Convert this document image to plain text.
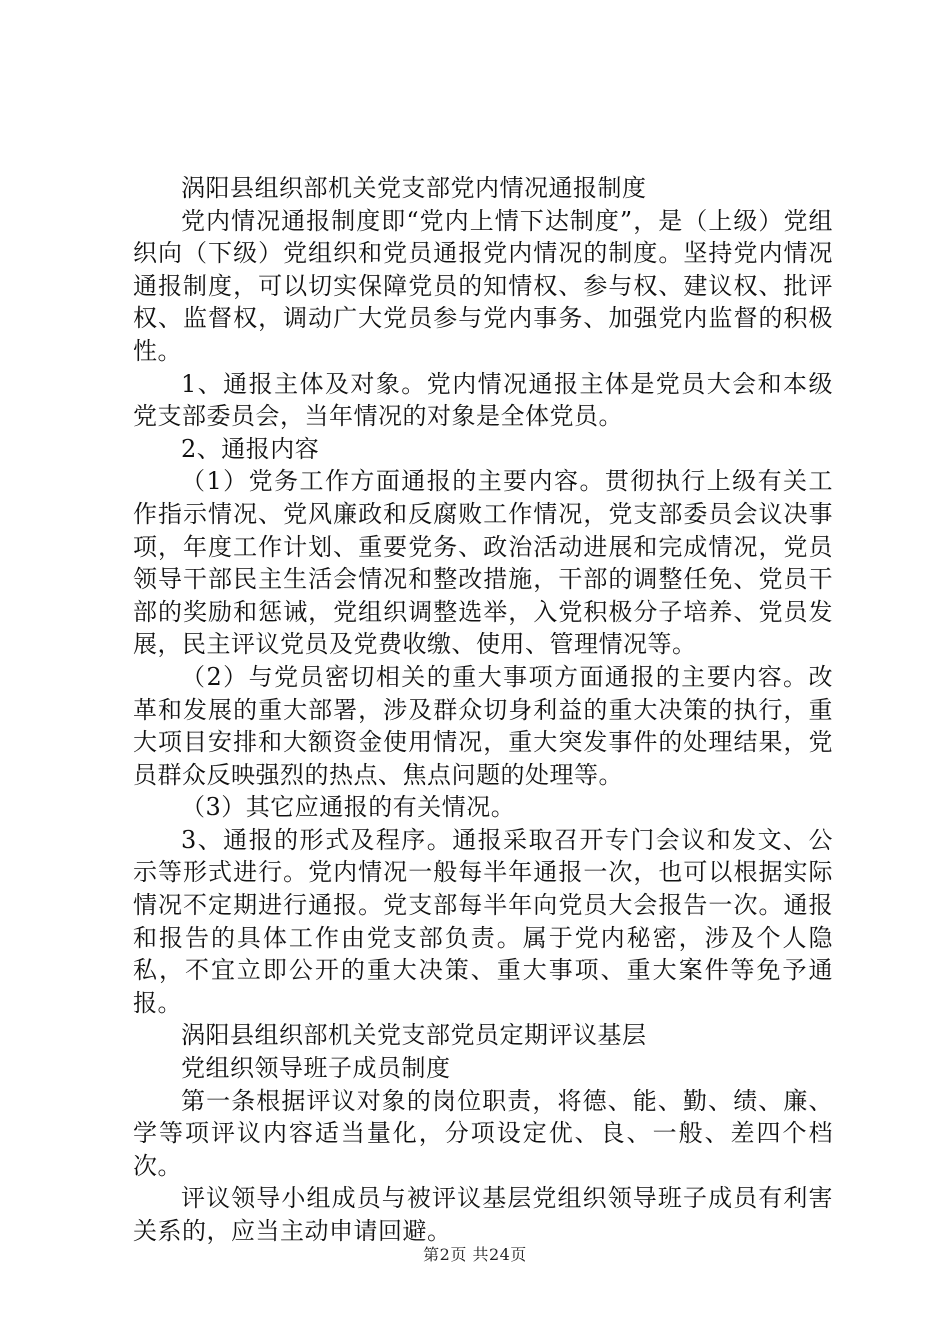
涡阳县组织部机关党支部党内情况通报制度

党内情况通报制度即“党内上情下达制度”，是（上级）党组织向（下级）党组织和党员通报党内情况的制度。坚持党内情况通报制度，可以切实保障党员的知情权、参与权、建议权、批评权、监督权，调动广大党员参与党内事务、加强党内监督的积极性。

1、通报主体及对象。党内情况通报主体是党员大会和本级党支部委员会，当年情况的对象是全体党员。

2、通报内容

（1）党务工作方面通报的主要内容。贯彻执行上级有关工作指示情况、党风廉政和反腐败工作情况，党支部委员会议决事项，年度工作计划、重要党务、政治活动进展和完成情况，党员领导干部民主生活会情况和整改措施，干部的调整任免、党员干部的奖励和惩诫，党组织调整选举，入党积极分子培养、党员发展，民主评议党员及党费收缴、使用、管理情况等。

（2）与党员密切相关的重大事项方面通报的主要内容。改革和发展的重大部署，涉及群众切身利益的重大决策的执行，重大项目安排和大额资金使用情况，重大突发事件的处理结果，党员群众反映强烈的热点、焦点问题的处理等。

（3）其它应通报的有关情况。

3、通报的形式及程序。通报采取召开专门会议和发文、公示等形式进行。党内情况一般每半年通报一次，也可以根据实际情况不定期进行通报。党支部每半年向党员大会报告一次。通报和报告的具体工作由党支部负责。属于党内秘密，涉及个人隐私，不宜立即公开的重大决策、重大事项、重大案件等免予通报。

涡阳县组织部机关党支部党员定期评议基层

党组织领导班子成员制度

第一条根据评议对象的岗位职责，将德、能、勤、绩、廉、学等项评议内容适当量化，分项设定优、良、一般、差四个档次。

评议领导小组成员与被评议基层党组织领导班子成员有利害关系的，应当主动申请回避。

第2页 共24页
